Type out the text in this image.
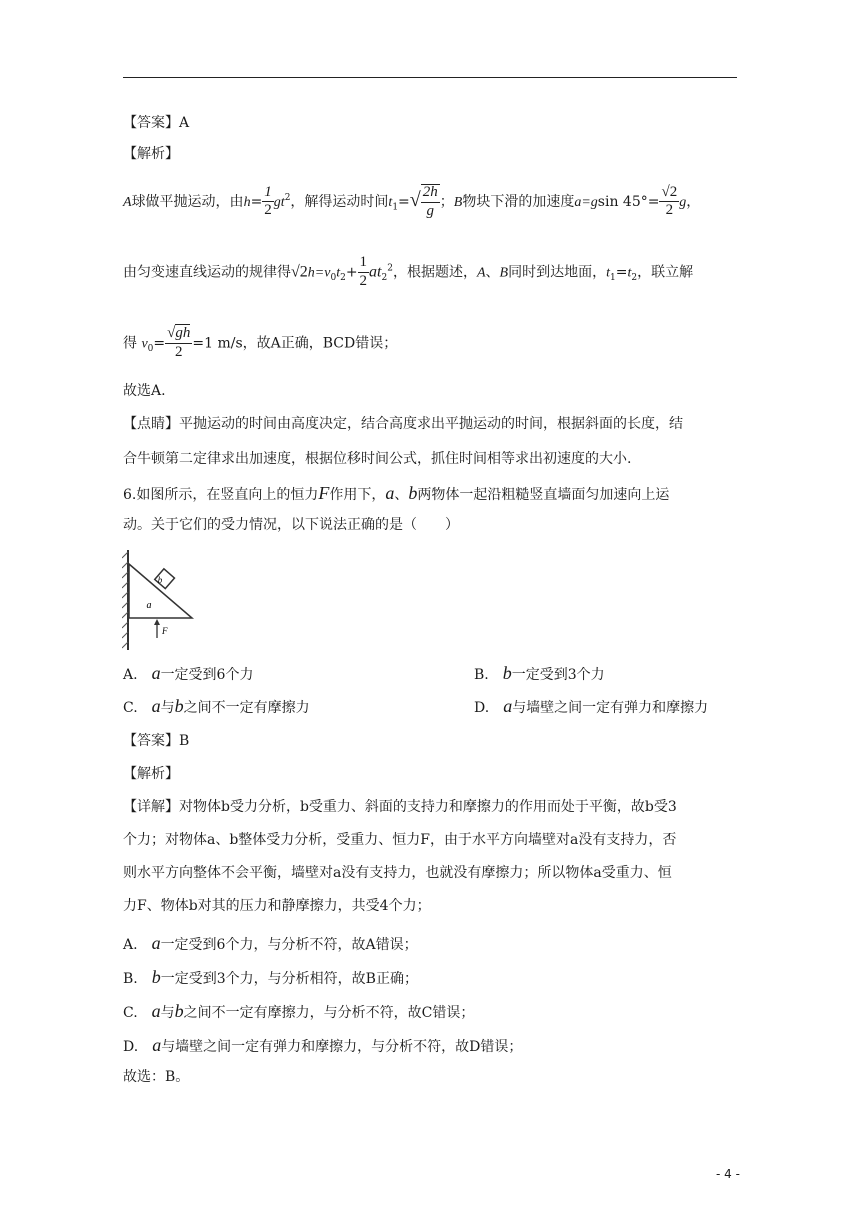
【答案】A
【解析】
A球做平抛运动，由$h= \frac{1}{2} gt^2$，解得运动时间$t_1=√ \frac{2h}{g}$ ；B物块下滑的加速度a=gsin $45^\circ= \frac{√2}{2}$ g，
由匀变速直线运动的规律得$√2h=v_0t_2+ \frac{1}{2} at_2^2$，根据题述，A、B同时到达地面，$t_1=t_2$，联立解
得 $v_0= \frac{√gh}{2} =1$ m/s，故A正确，BCD错误；
故选A.
【点睛】平抛运动的时间由高度决定，结合高度求出平抛运动的时间，根据斜面的长度，结
合牛顿第二定律求出加速度，根据位移时间公式，抓住时间相等求出初速度的大小.
6.如图所示，在竖直向上的恒力F作用下，a、b两物体一起沿粗糙竖直墙面匀加速向上运
动。关于它们的受力情况，以下说法正确的是（　　）
b
a
F
A.　 a一定受到6个力	B.　 b一定受到3个力
C.　 a与b之间不一定有摩擦力	D.　 a与墙壁之间一定有弹力和摩擦力
【答案】B
【解析】
【详解】对物体b受力分析，b受重力、斜面的支持力和摩擦力的作用而处于平衡，故b受3
个力；对物体a、b整体受力分析，受重力、恒力F，由于水平方向墙壁对a没有支持力，否
则水平方向整体不会平衡，墙壁对a没有支持力，也就没有摩擦力；所以物体a受重力、恒
力F、物体b对其的压力和静摩擦力，共受4个力；
A.　 a一定受到6个力，与分析不符，故A错误；
B.　 b一定受到3个力，与分析相符，故B正确；
C.　 a与b之间不一定有摩擦力，与分析不符，故C错误；
D.　 a与墙壁之间一定有弹力和摩擦力，与分析不符，故D错误；
故选：B。
- 4 -
